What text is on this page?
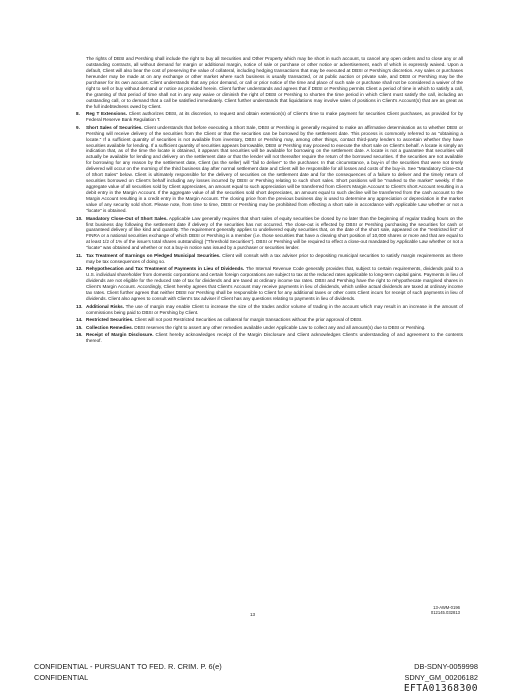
The rights of DBSI and Pershing shall include the right to buy all Securities and Other Property which may be short in such account, to cancel any open orders and to close any or all outstanding contracts, all without demand for margin or additional margin, notice of sale or purchase or other notice or advertisement, each of which is expressly waived. Upon a default, Client will also bear the cost of preserving the value of collateral, including hedging transactions that may be executed at DBSI or Pershing's discretion. Any sales or purchases hereunder may be made at on any exchange or other market where such business is usually transacted, or at public auction or private sale, and DBSI or Pershing may be the purchaser for its own account. Client understands that any prior demand, or call or prior notice of the time and place of such sale or purchase shall not be considered a waiver of the right to sell or buy without demand or notice as provided herein. Client further understands and agrees that if DBSI or Pershing permits Client a period of time in which to satisfy a call, the granting of that period of time shall not in any way waive or diminish the right of DBSI or Pershing to shorten the time period in which Client must satisfy the call, including an outstanding call, or to demand that a call be satisfied immediately. Client further understands that liquidations may involve sales of positions in Client's Account(s) that are as great as the full indebtedness owed by Client.

8.	Reg T Extensions. Client authorizes DBSI, at its discretion, to request and obtain extension(s) of Client's time to make payment for securities Client purchases, as provided for by Federal Reserve Bank Regulation T.
9.	Short Sales of Securities. Client understands that before executing a Short Sale, DBSI or Pershing is generally required to make an affirmative determination as to whether DBSI or Pershing will receive delivery of the securities from the Client or that the securities can be borrowed by the settlement date. This process is commonly referred to as "obtaining a locate." If a sufficient quantity of securities is not available from inventory, DBSI or Pershing may, among other things, contact third-party lenders to ascertain whether they have securities available for lending. If a sufficient quantity of securities appears borrowable, DBSI or Pershing may proceed to execute the short sale on Client's behalf. A locate is simply an indication that, as of the time the locate is obtained, it appears that securities will be available for borrowing on the settlement date. A locate is not a guarantee that securities will actually be available for lending and delivery on the settlement date or that the lender will not thereafter require the return of the borrowed securities. If the securities are not available for borrowing for any reason by the settlement date, Client (as the seller) will "fail to deliver" to the purchaser. In that circumstance, a buy-in of the securities that were not timely delivered will occur on the morning of the third business day after normal settlement date and Client will be responsible for all losses and costs of the buy-in. See "Mandatory Close-Out of Short Sales" below. Client is ultimately responsible for the delivery of securities on the settlement date and for the consequences of a failure to deliver and the timely return of securities borrowed on Client's behalf including any losses incurred by DBSI or Pershing relating to such short sales. Short positions will be "marked to the market" weekly. If the aggregate value of all securities sold by Client appreciates, an amount equal to such appreciation will be transferred from Client's Margin Account to Client's short Account resulting in a debit entry in the Margin Account. If the aggregate value of all the securities sold short depreciates, an amount equal to such decline will be transferred from the cash account to the Margin Account resulting in a credit entry in the Margin Account. The closing price from the previous business day is used to determine any appreciation or depreciation in the market value of any security sold short. Please note, from time to time, DBSI or Pershing may be prohibited from effecting a short sale in accordance with Applicable Law whether or not a "locate" is obtained.
10. Mandatory Close-Out of Short Sales. Applicable Law generally requires that short sales of equity securities be closed by no later than the beginning of regular trading hours on the first business day following the settlement date if delivery of the securities has not occurred. The close-out is effected by DBSI or Pershing purchasing the securities for cash or guaranteed delivery of like kind and quantity. The requirement generally applies to undelivered equity securities that, on the date of the short sale, appeared on the "restricted list" of FINRA or a national securities exchange of which DBSI or Pershing is a member (i.e. those securities that have a clearing short position of 10,000 shares or more and that are equal to at least 1/2 of 1% of the issue's total shares outstanding) ("Threshold Securities"). DBSI or Pershing will be required to effect a close-out mandated by Applicable Law whether or not a "locate" was obtained and whether or not a buy-in notice was issued by a purchaser or securities lender.
11. Tax Treatment of Earnings on Pledged Municipal Securities. Client will consult with a tax adviser prior to depositing municipal securities to satisfy margin requirements as there may be tax consequences of doing so.
12. Rehypothecation and Tax Treatment of Payments in Lieu of Dividends. The Internal Revenue Code generally provides that, subject to certain requirements, dividends paid to a U.S. individual shareholder from domestic corporations and certain foreign corporations are subject to tax at the reduced rates applicable to long-term capital gains. Payments in lieu of dividends are not eligible for the reduced rate of tax for dividends and are taxed at ordinary income tax rates. DBSI and Pershing have the right to rehypothecate margined shares in Client's Margin Account. Accordingly, Client hereby agrees that Client's Account may receive payments in lieu of dividends, which unlike actual dividends are taxed at ordinary income tax rates. Client further agrees that neither DBSI nor Pershing shall be responsible to Client for any additional taxes or other costs Client incurs for receipt of such payments in lieu of dividends. Client also agrees to consult with Client's tax adviser if Client has any questions relating to payments in lieu of dividends.
13. Additional Risks. The use of margin may enable Client to increase the size of the trades and/or volume of trading in the account which may result in an increase in the amount of commissions being paid to DBSI or Pershing by Client.
14. Restricted Securities. Client will not post Restricted Securities as collateral for margin transactions without the prior approval of DBSI.
15. Collection Remedies. DBSI reserves the right to assert any other remedies available under Applicable Law to collect any and all amount(s) due to DBSI or Pershing.
16. Receipt of Margin Disclosure. Client hereby acknowledges receipt of the Margin Disclosure and Client acknowledges Client's understanding of and agreement to the contents thereof.
13
13-AWM-0196
012145.032813
CONFIDENTIAL - PURSUANT TO FED. R. CRIM. P. 6(e)
CONFIDENTIAL
DB-SDNY-0059998
SDNY_GM_00206182
EFTA01368300
